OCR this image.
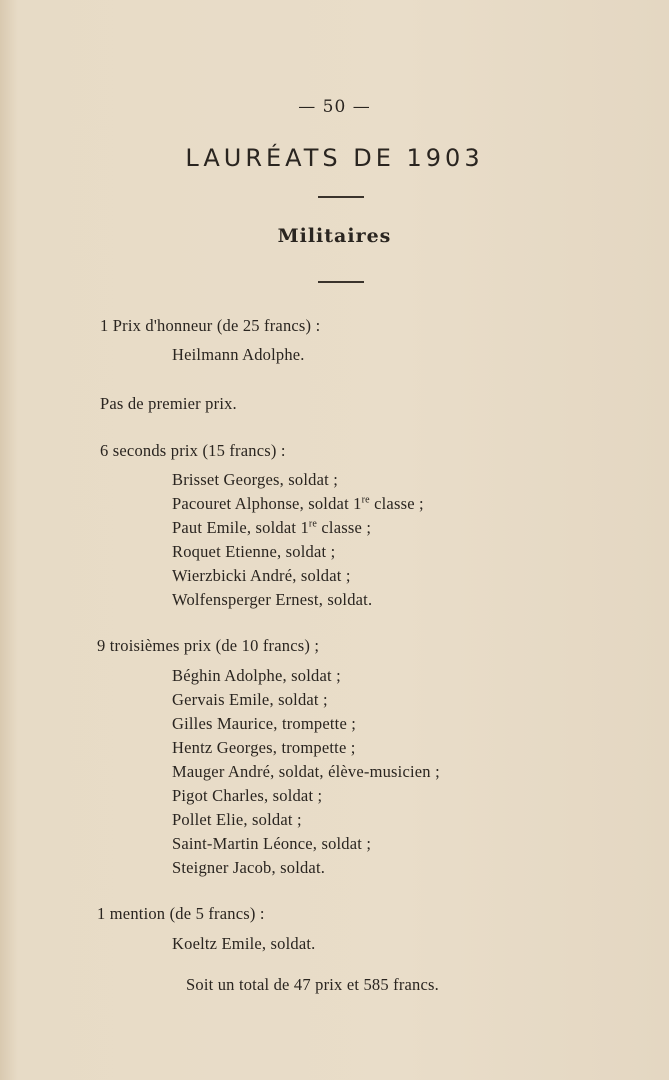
— 50 —
LAURÉATS DE 1903
Militaires
1 Prix d'honneur (de 25 francs) :
Heilmann Adolphe.
Pas de premier prix.
6 seconds prix (15 francs) :
Brisset Georges, soldat ;
Pacouret Alphonse, soldat 1re classe ;
Paut Emile, soldat 1re classe ;
Roquet Etienne, soldat ;
Wierzbicki André, soldat ;
Wolfensperger Ernest, soldat.
9 troisièmes prix (de 10 francs) ;
Béghin Adolphe, soldat ;
Gervais Emile, soldat ;
Gilles Maurice, trompette ;
Hentz Georges, trompette ;
Mauger André, soldat, élève-musicien ;
Pigot Charles, soldat ;
Pollet Elie, soldat ;
Saint-Martin Léonce, soldat ;
Steigner Jacob, soldat.
1 mention (de 5 francs) :
Koeltz Emile, soldat.
Soit un total de 47 prix et 585 francs.
